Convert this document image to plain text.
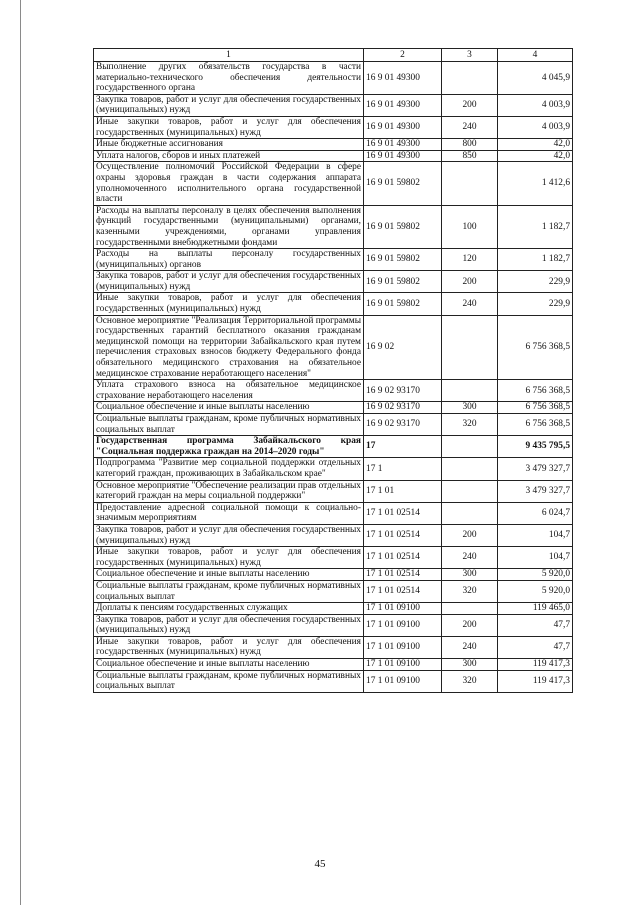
1	2	3	4
Выполнение других обязательств государства в части материально-технического обеспечения деятельности государственного органа	16 9 01 49300		4 045,9
Закупка товаров, работ и услуг для обеспечения государственных (муниципальных) нужд	16 9 01 49300	200	4 003,9
Иные закупки товаров, работ и услуг для обеспечения государственных (муниципальных) нужд	16 9 01 49300	240	4 003,9
Иные бюджетные ассигнования	16 9 01 49300	800	42,0
Уплата налогов, сборов и иных платежей	16 9 01 49300	850	42,0
Осуществление полномочий Российской Федерации в сфере охраны здоровья граждан в части содержания аппарата уполномоченного исполнительного органа государственной власти	16 9 01 59802		1 412,6
Расходы на выплаты персоналу в целях обеспечения выполнения функций государственными (муниципальными) органами, казенными учреждениями, органами управления государственными внебюджетными фондами	16 9 01 59802	100	1 182,7
Расходы на выплаты персоналу государственных (муниципальных) органов	16 9 01 59802	120	1 182,7
Закупка товаров, работ и услуг для обеспечения государственных (муниципальных) нужд	16 9 01 59802	200	229,9
Иные закупки товаров, работ и услуг для обеспечения государственных (муниципальных) нужд	16 9 01 59802	240	229,9
Основное мероприятие "Реализация Территориальной программы государственных гарантий бесплатного оказания гражданам медицинской помощи на территории Забайкальского края путем перечисления страховых взносов бюджету Федерального фонда обязательного медицинского страхования на обязательное медицинское страхование неработающего населения"	16 9 02		6 756 368,5
Уплата страхового взноса на обязательное медицинское страхование неработающего населения	16 9 02 93170		6 756 368,5
Социальное обеспечение и иные выплаты населению	16 9 02 93170	300	6 756 368,5
Социальные выплаты гражданам, кроме публичных нормативных социальных выплат	16 9 02 93170	320	6 756 368,5
Государственная программа Забайкальского края "Социальная поддержка граждан на 2014–2020 годы"	17		9 435 795,5
Подпрограмма "Развитие мер социальной поддержки отдельных категорий граждан, проживающих в Забайкальском крае"	17 1		3 479 327,7
Основное мероприятие "Обеспечение реализации прав отдельных категорий граждан на меры социальной поддержки"	17 1 01		3 479 327,7
Предоставление адресной социальной помощи к социально-значимым мероприятиям	17 1 01 02514		6 024,7
Закупка товаров, работ и услуг для обеспечения государственных (муниципальных) нужд	17 1 01 02514	200	104,7
Иные закупки товаров, работ и услуг для обеспечения государственных (муниципальных) нужд	17 1 01 02514	240	104,7
Социальное обеспечение и иные выплаты населению	17 1 01 02514	300	5 920,0
Социальные выплаты гражданам, кроме публичных нормативных социальных выплат	17 1 01 02514	320	5 920,0
Доплаты к пенсиям государственных служащих	17 1 01 09100		119 465,0
Закупка товаров, работ и услуг для обеспечения государственных (муниципальных) нужд	17 1 01 09100	200	47,7
Иные закупки товаров, работ и услуг для обеспечения государственных (муниципальных) нужд	17 1 01 09100	240	47,7
Социальное обеспечение и иные выплаты населению	17 1 01 09100	300	119 417,3
Социальные выплаты гражданам, кроме публичных нормативных социальных выплат	17 1 01 09100	320	119 417,3
45
